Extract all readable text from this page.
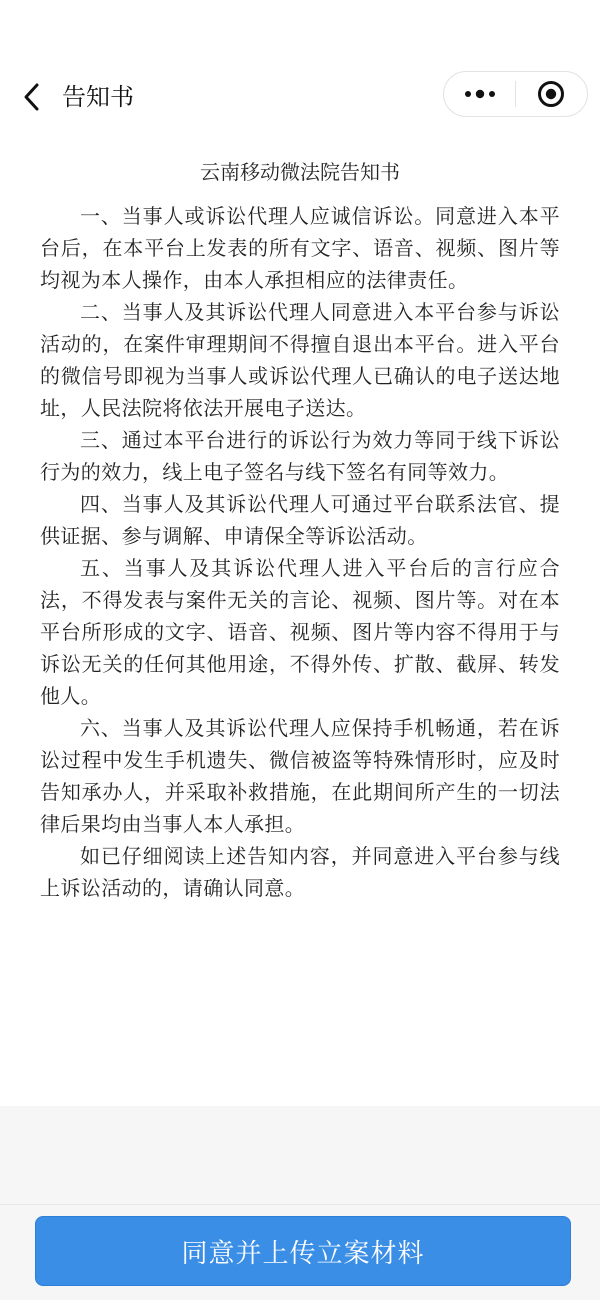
告知书
云南移动微法院告知书

一、当事人或诉讼代理人应诚信诉讼。同意进入本平台后，在本平台上发表的所有文字、语音、视频、图片等均视为本人操作，由本人承担相应的法律责任。

二、当事人及其诉讼代理人同意进入本平台参与诉讼活动的，在案件审理期间不得擅自退出本平台。进入平台的微信号即视为当事人或诉讼代理人已确认的电子送达地址，人民法院将依法开展电子送达。

三、通过本平台进行的诉讼行为效力等同于线下诉讼行为的效力，线上电子签名与线下签名有同等效力。

四、当事人及其诉讼代理人可通过平台联系法官、提供证据、参与调解、申请保全等诉讼活动。

五、当事人及其诉讼代理人进入平台后的言行应合法，不得发表与案件无关的言论、视频、图片等。对在本平台所形成的文字、语音、视频、图片等内容不得用于与诉讼无关的任何其他用途，不得外传、扩散、截屏、转发他人。

六、当事人及其诉讼代理人应保持手机畅通，若在诉讼过程中发生手机遗失、微信被盗等特殊情形时，应及时告知承办人，并采取补救措施，在此期间所产生的一切法律后果均由当事人本人承担。

如已仔细阅读上述告知内容，并同意进入平台参与线上诉讼活动的，请确认同意。

同意并上传立案材料
